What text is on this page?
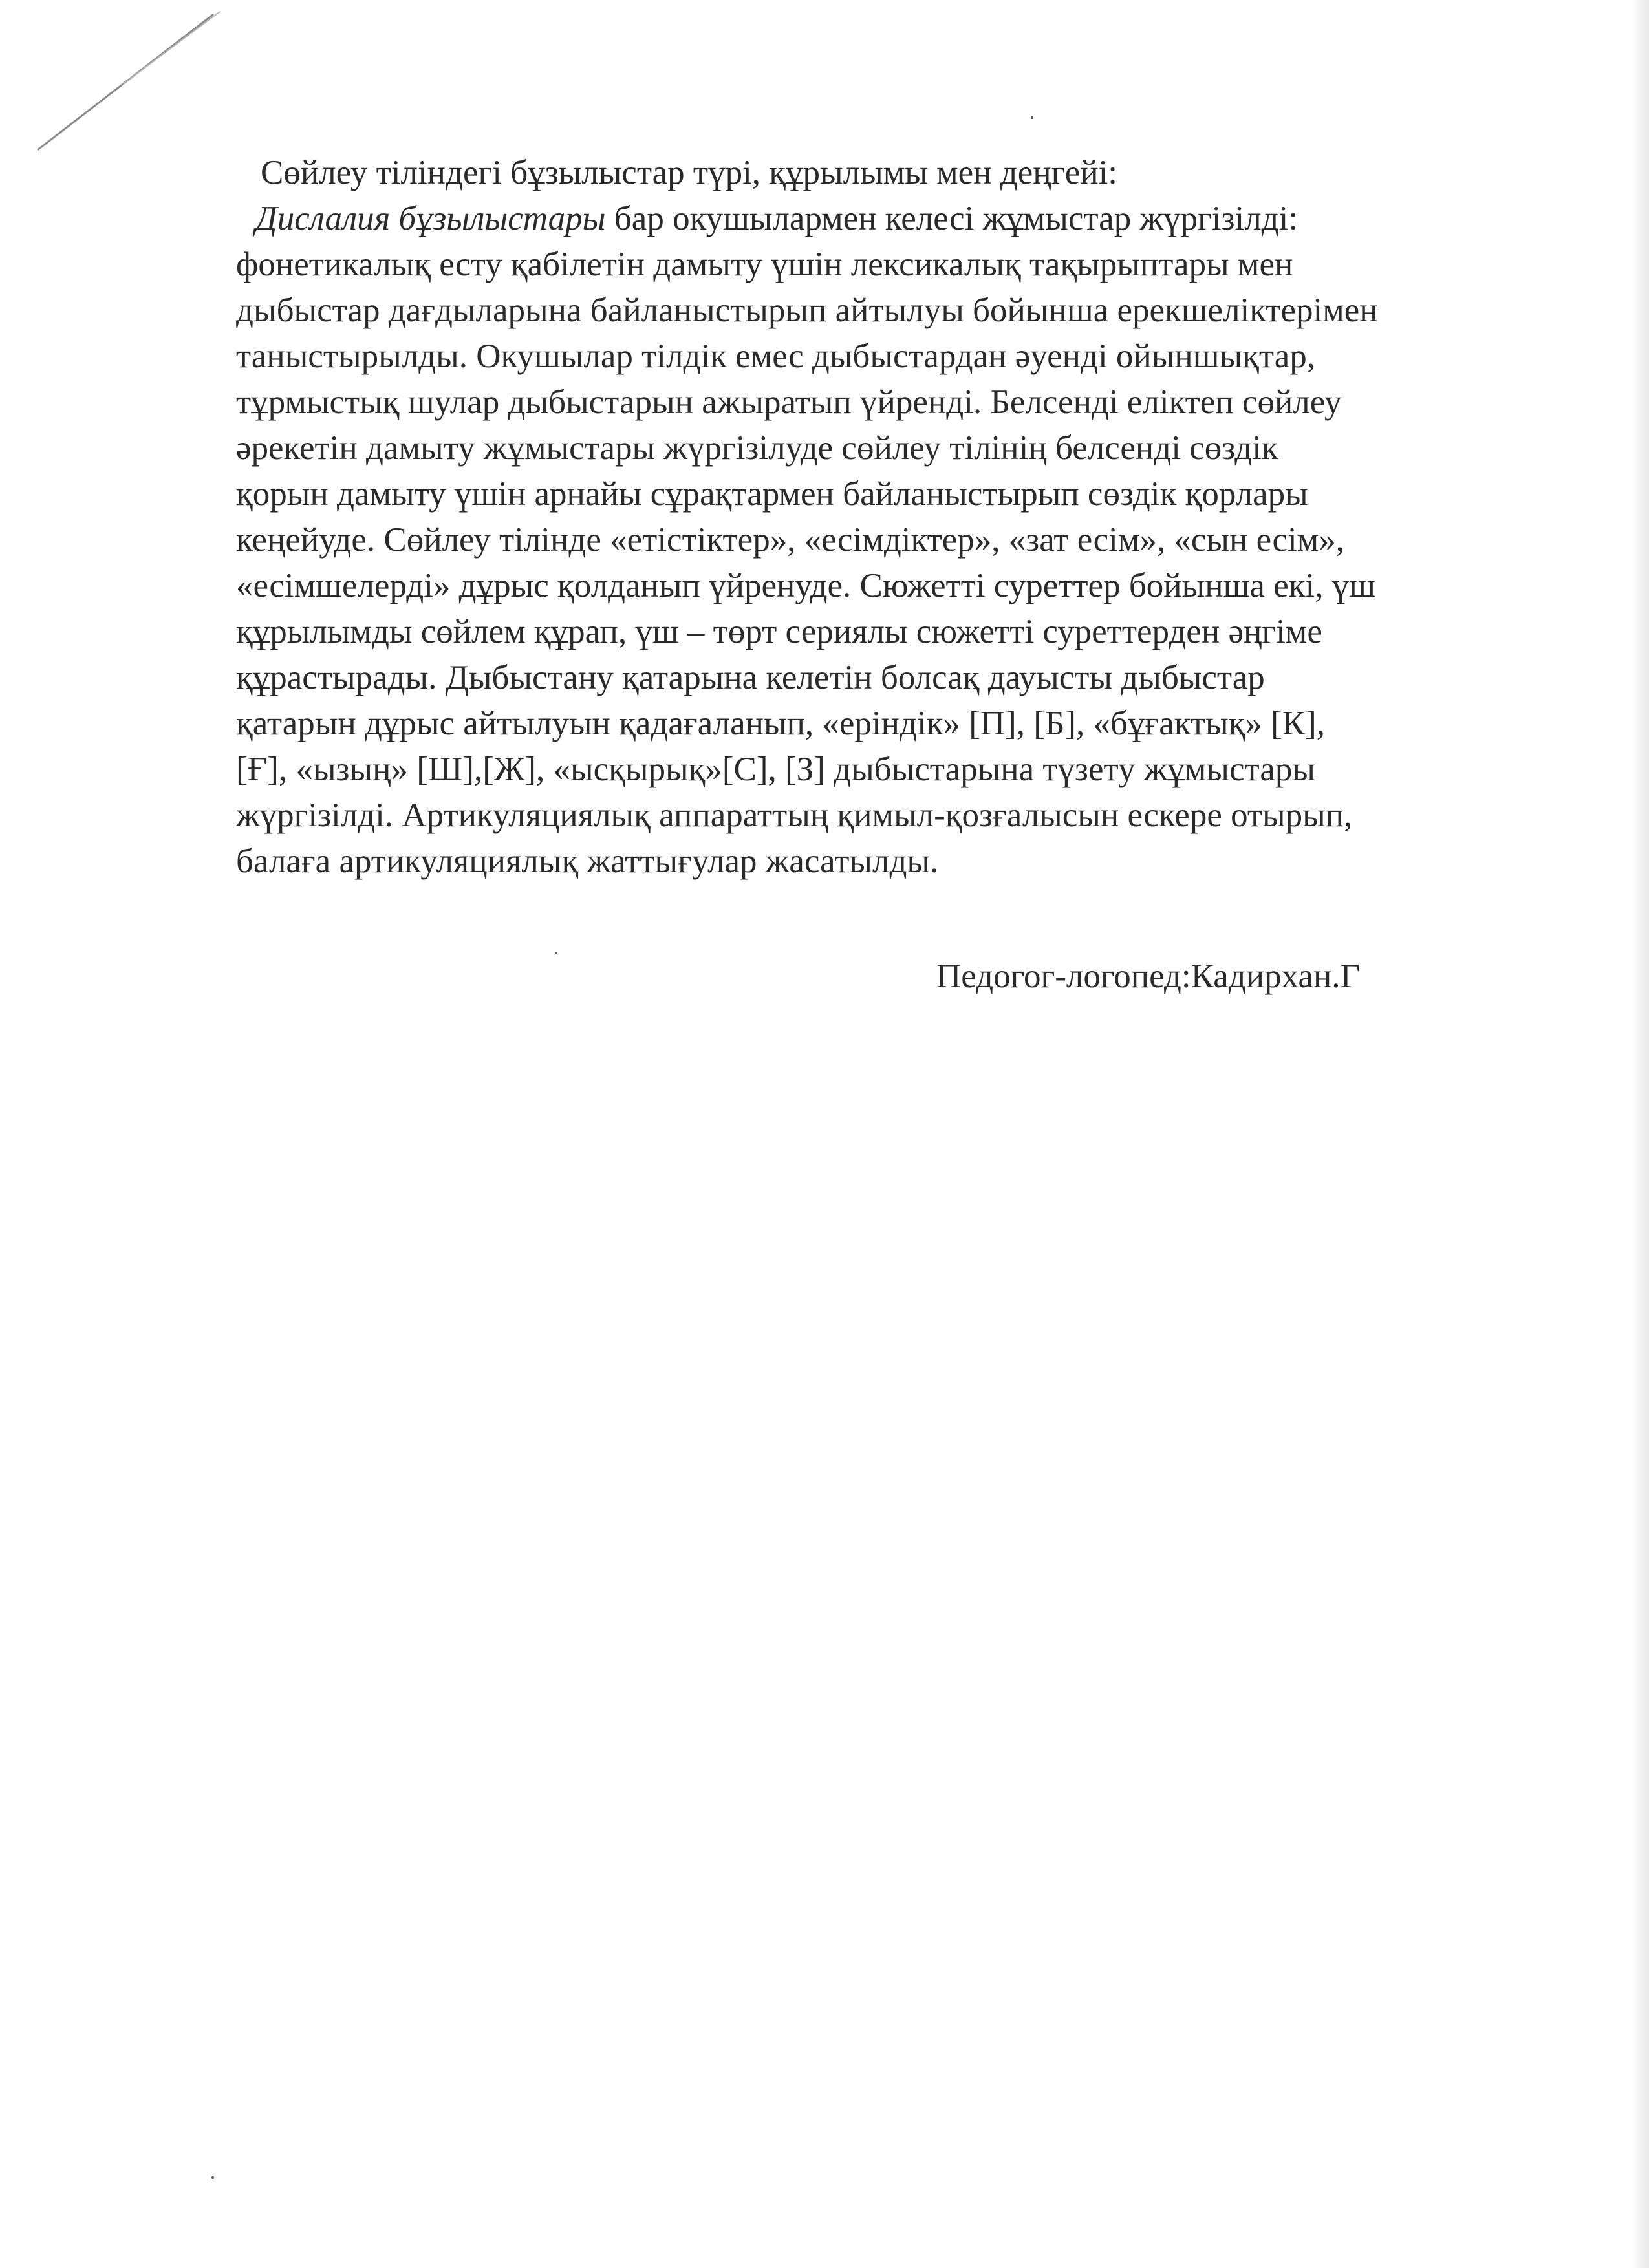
Сөйлеу тіліндегі бұзылыстар түрі, құрылымы мен деңгейі:
Дислалия бұзылыстары бар окушылармен келесі жұмыстар жүргізілді:
фонетикалық есту қабілетін дамыту үшін лексикалық тақырыптары мен
дыбыстар дағдыларына байланыстырып айтылуы бойынша ерекшеліктерімен
таныстырылды. Окушылар тілдік емес дыбыстардан әуенді ойыншықтар,
тұрмыстық шулар дыбыстарын ажыратып үйренді. Белсенді еліктеп сөйлеу
әрекетін дамыту жұмыстары жүргізілуде сөйлеу тілінің белсенді сөздік
қорын дамыту үшін арнайы сұрақтармен байланыстырып сөздік қорлары
кеңейуде. Сөйлеу тілінде «етістіктер», «есімдіктер», «зат есім», «сын есім»,
«есімшелерді» дұрыс қолданып үйренуде. Сюжетті суреттер бойынша екі, үш
құрылымды сөйлем құрап, үш – төрт сериялы сюжетті суреттерден әңгіме
құрастырады. Дыбыстану қатарына келетін болсақ дауысты дыбыстар
қатарын дұрыс айтылуын қадағаланып, «еріндік» [П], [Б], «бұғактық» [К],
[Ғ], «ызың» [Ш],[Ж], «ысқырық»[С], [З] дыбыстарына түзету жұмыстары
жүргізілді. Артикуляциялық аппараттың қимыл-қозғалысын ескере отырып,
балаға артикуляциялық жаттығулар жасатылды.
Педогог-логопед:Кадирхан.Г
